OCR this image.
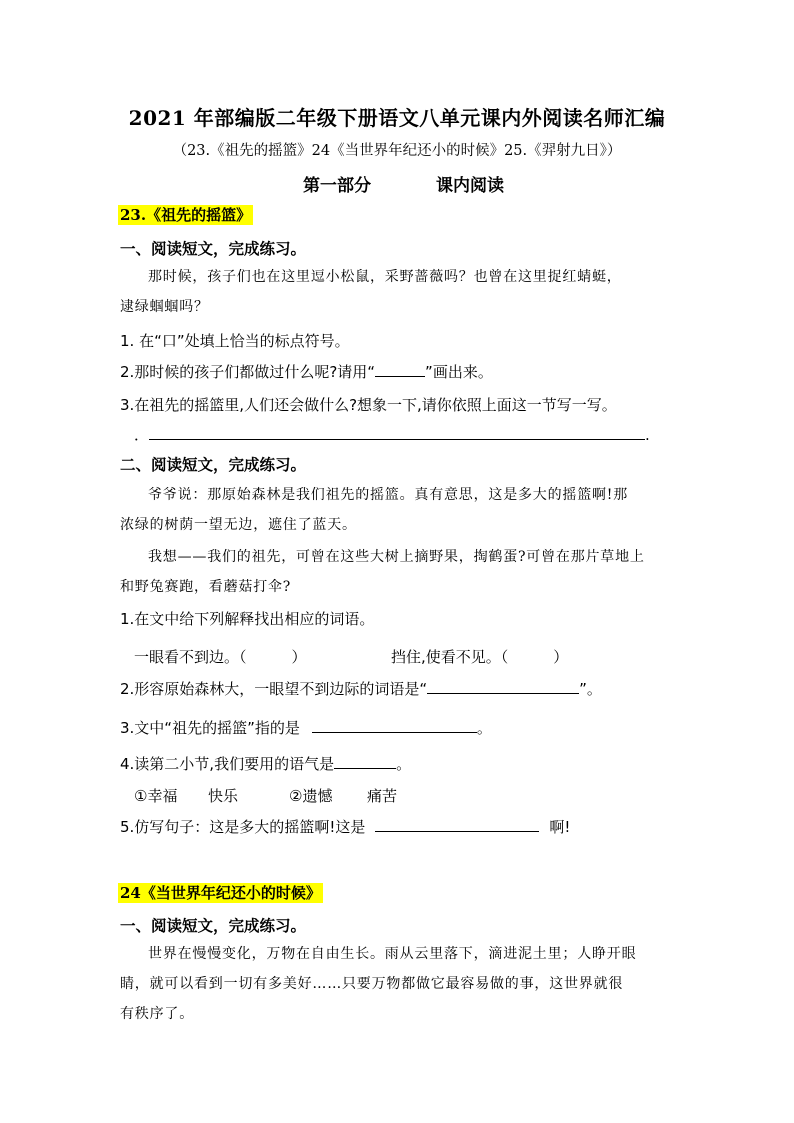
2021 年部编版二年级下册语文八单元课内外阅读名师汇编
（23.《祖先的摇篮》24《当世界年纪还小的时候》25.《羿射九日》）
第一部分	课内阅读
23.《祖先的摇篮》
一、阅读短文，完成练习。
那时候，孩子们也在这里逗小松鼠，采野蔷薇吗？也曾在这里捉红蜻蜓，
逮绿蝈蝈吗？
1. 在“口”处填上恰当的标点符号。
2.那时候的孩子们都做过什么呢?请用“	”画出来。
3.在祖先的摇篮里,人们还会做什么?想象一下,请你依照上面这一节写一写。
．	.
二、阅读短文，完成练习。
爷爷说：那原始森林是我们祖先的摇篮。真有意思，这是多大的摇篮啊!那
浓绿的树荫一望无边，遮住了蓝天。
我想——我们的祖先，可曾在这些大树上摘野果，掏鹤蛋?可曾在那片草地上
和野兔赛跑，看蘑菇打伞?
1.在文中给下列解释找出相应的词语。
一眼看不到边。（　　　）	挡住,使看不见。（　　　）
2.形容原始森林大，一眼望不到边际的词语是“	”。
3.文中“祖先的摇篮”指的是	。
4.读第二小节,我们要用的语气是	。
①幸福 快乐	②遗憾 痛苦
5.仿写句子：这是多大的摇篮啊!这是	啊!
24《当世界年纪还小的时候》
一、阅读短文，完成练习。
世界在慢慢变化，万物在自由生长。雨从云里落下，滴进泥土里；人睁开眼
睛，就可以看到一切有多美好……只要万物都做它最容易做的事，这世界就很
有秩序了。
